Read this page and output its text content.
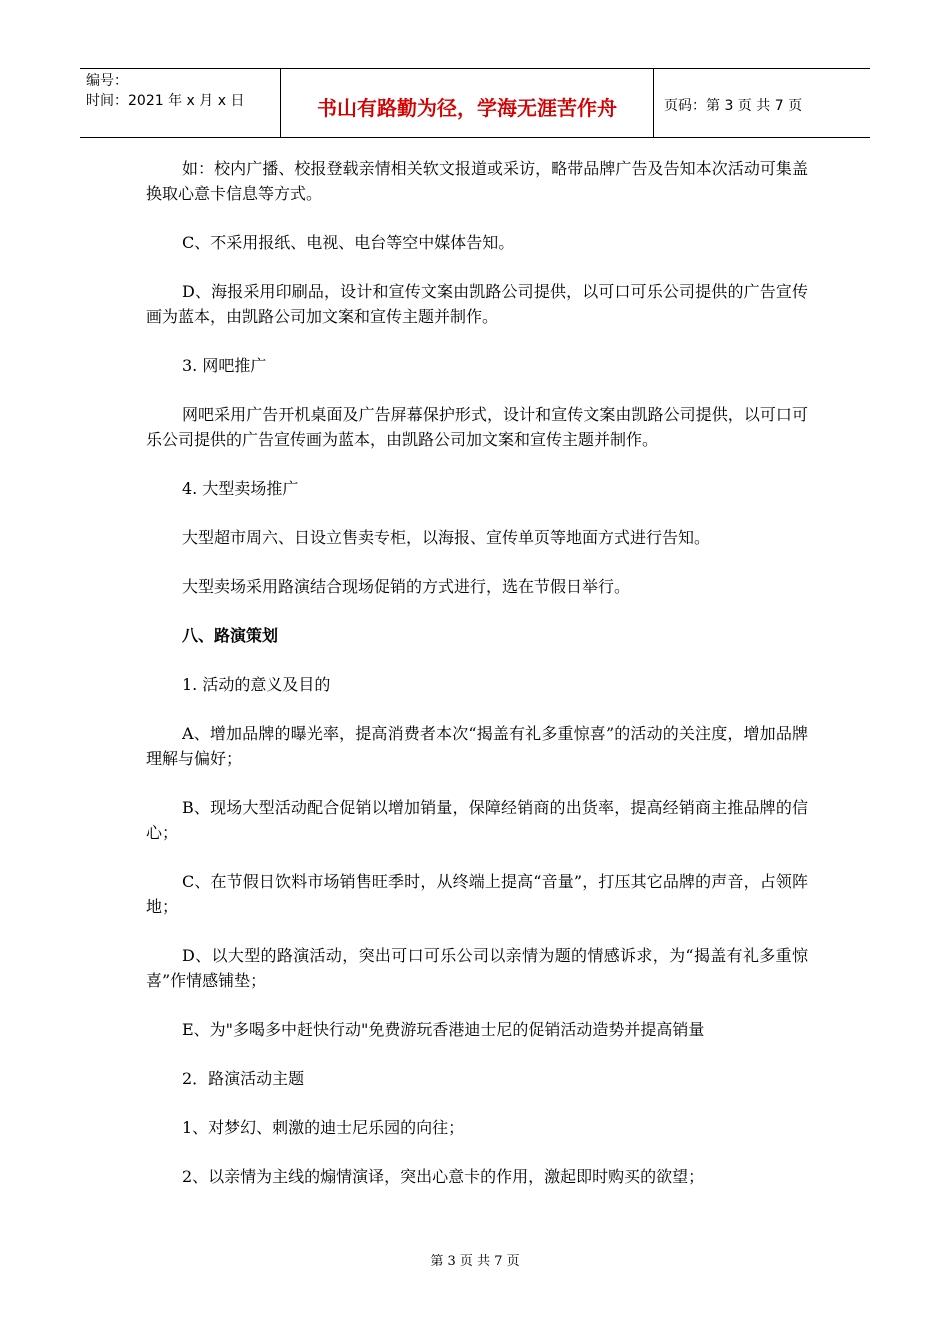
编号：
时间：2021 年 x 月 x 日	书山有路勤为径，学海无涯苦作舟	页码：第 3 页 共 7 页

如：校内广播、校报登载亲情相关软文报道或采访，略带品牌广告及告知本次活动可集盖换取心意卡信息等方式。

C、不采用报纸、电视、电台等空中媒体告知。

D、海报采用印刷品，设计和宣传文案由凯路公司提供，以可口可乐公司提供的广告宣传画为蓝本，由凯路公司加文案和宣传主题并制作。

3. 网吧推广

网吧采用广告开机桌面及广告屏幕保护形式，设计和宣传文案由凯路公司提供，以可口可乐公司提供的广告宣传画为蓝本，由凯路公司加文案和宣传主题并制作。

4. 大型卖场推广

大型超市周六、日设立售卖专柜，以海报、宣传单页等地面方式进行告知。

大型卖场采用路演结合现场促销的方式进行，选在节假日举行。

八、路演策划

1. 活动的意义及目的

A、增加品牌的曝光率，提高消费者本次“揭盖有礼多重惊喜”的活动的关注度，增加品牌理解与偏好；

B、现场大型活动配合促销以增加销量，保障经销商的出货率，提高经销商主推品牌的信心；

C、在节假日饮料市场销售旺季时，从终端上提高“音量”，打压其它品牌的声音，占领阵地；

D、以大型的路演活动，突出可口可乐公司以亲情为题的情感诉求，为“揭盖有礼多重惊喜”作情感铺垫；

E、为"多喝多中赶快行动"免费游玩香港迪士尼的促销活动造势并提高销量

2．路演活动主题

1、对梦幻、刺激的迪士尼乐园的向往；

2、以亲情为主线的煽情演译，突出心意卡的作用，激起即时购买的欲望；

第 3 页 共 7 页
